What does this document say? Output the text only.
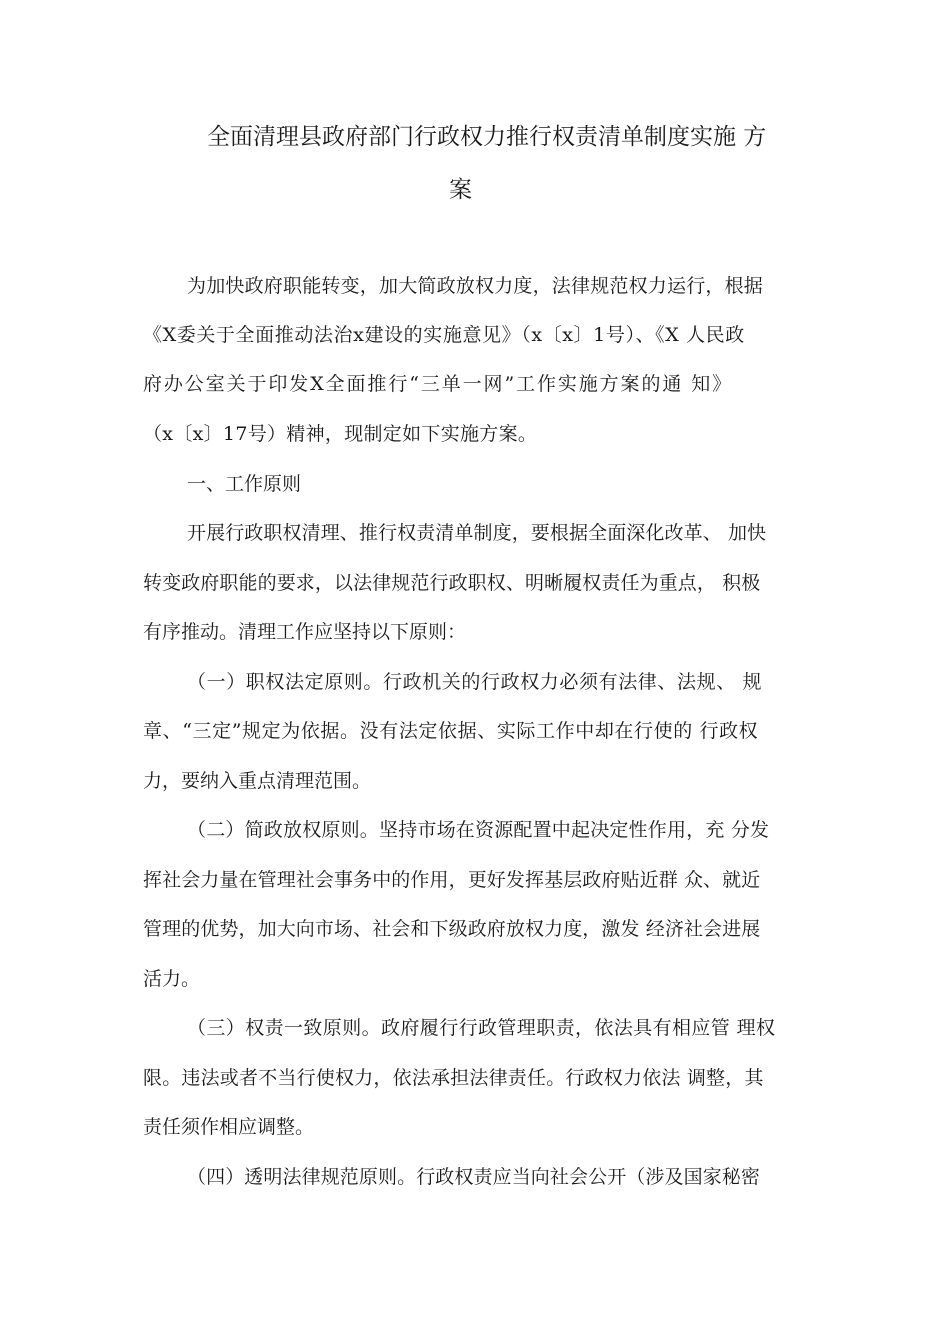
全面清理县政府部门行政权力推行权责清单制度实施 方
案
为加快政府职能转变，加大简政放权力度，法律规范权力运行，根据
《X委关于全面推动法治x建设的实施意见》（x〔x〕1号）、《X 人民政
府办公室关于印发X全面推行“三单一网”工作实施方案的通 知》
（x〔x〕17号）精神，现制定如下实施方案。
一、工作原则
开展行政职权清理、推行权责清单制度，要根据全面深化改革、 加快
转变政府职能的要求，以法律规范行政职权、明晰履权责任为重点， 积极
有序推动。清理工作应坚持以下原则：
（一）职权法定原则。行政机关的行政权力必须有法律、法规、 规
章、“三定”规定为依据。没有法定依据、实际工作中却在行使的 行政权
力，要纳入重点清理范围。
（二）简政放权原则。坚持市场在资源配置中起决定性作用，充 分发
挥社会力量在管理社会事务中的作用，更好发挥基层政府贴近群 众、就近
管理的优势，加大向市场、社会和下级政府放权力度，激发 经济社会进展
活力。
（三）权责一致原则。政府履行行政管理职责，依法具有相应管 理权
限。违法或者不当行使权力，依法承担法律责任。行政权力依法 调整，其
责任须作相应调整。
（四）透明法律规范原则。行政权责应当向社会公开（涉及国家秘密
